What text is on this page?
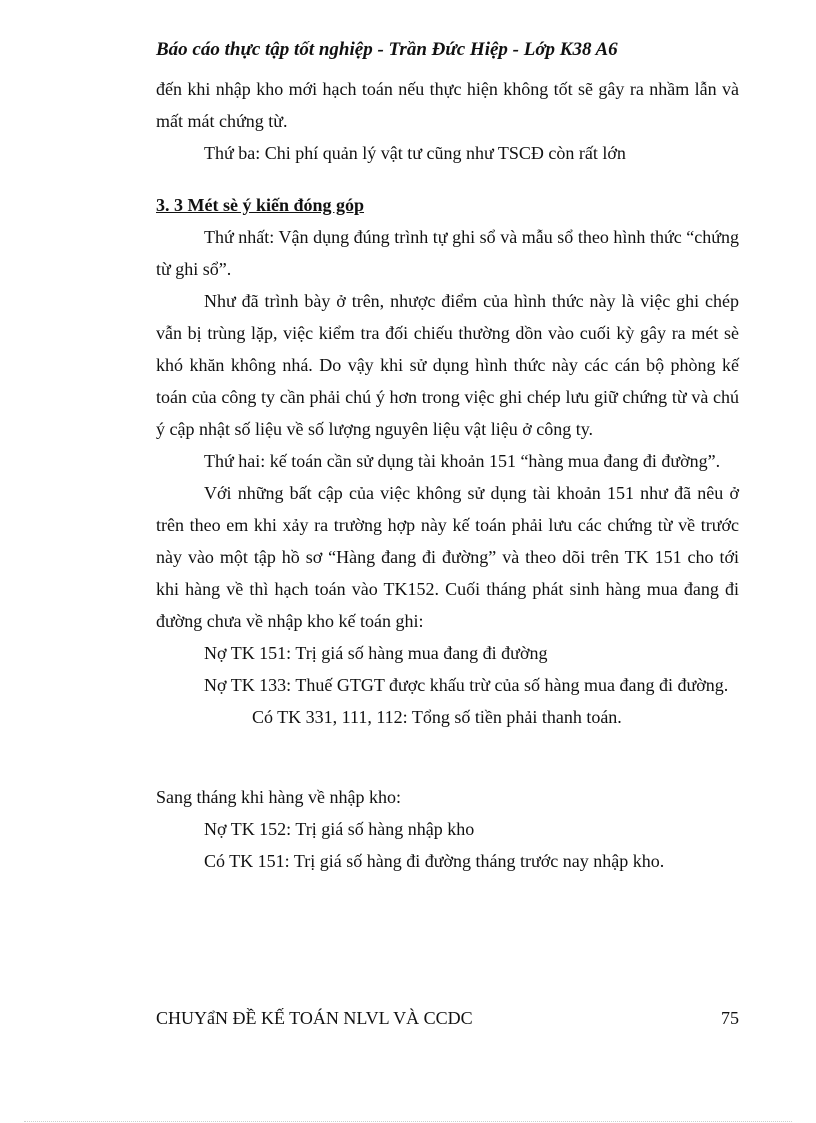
Báo cáo thực tập tốt nghiệp - Trần Đức Hiệp - Lớp K38 A6

đến khi nhập kho mới hạch toán nếu thực hiện không tốt sẽ gây ra nhầm lẫn và mất mát chứng từ.

Thứ ba: Chi phí quản lý vật tư cũng như TSCĐ còn rất lớn

3. 3 Mét sè ý kiến đóng góp

Thứ nhất: Vận dụng đúng trình tự ghi sổ và mẫu sổ theo hình thức “chứng từ ghi sổ”.

Như đã trình bày ở trên, nhược điểm của hình thức này là việc ghi chép vẫn bị trùng lặp, việc kiểm tra đối chiếu thường dồn vào cuối kỳ gây ra mét sè khó khăn không nhá. Do vậy khi sử dụng hình thức này các cán bộ phòng kế toán của công ty cần phải chú ý hơn trong việc ghi chép lưu giữ chứng từ và chú ý cập nhật số liệu về số lượng nguyên liệu vật liệu ở công ty.

Thứ hai: kế toán cần sử dụng tài khoản 151 “hàng mua đang đi đường”.

Với những bất cập của việc không sử dụng tài khoản 151 như đã nêu ở trên theo em khi xảy ra trường hợp này kế toán phải lưu các chứng từ về trước này vào một tập hồ sơ “Hàng đang đi đường” và theo dõi trên TK 151 cho tới khi hàng về thì hạch toán vào TK152. Cuối tháng phát sinh hàng mua đang đi đường chưa về nhập kho kế toán ghi:

Nợ TK 151: Trị giá số hàng mua đang đi đường

Nợ TK 133: Thuế GTGT được khấu trừ của số hàng mua đang đi đường.

Có TK 331, 111, 112: Tổng số tiền phải thanh toán.

Sang tháng khi hàng về nhập kho:

Nợ TK 152: Trị giá số hàng nhập kho

Có TK 151: Trị giá số hàng đi đường tháng trước nay nhập kho.

CHUYẩN ĐỀ KẾ TOÁN NLVL VÀ CCDC	75
